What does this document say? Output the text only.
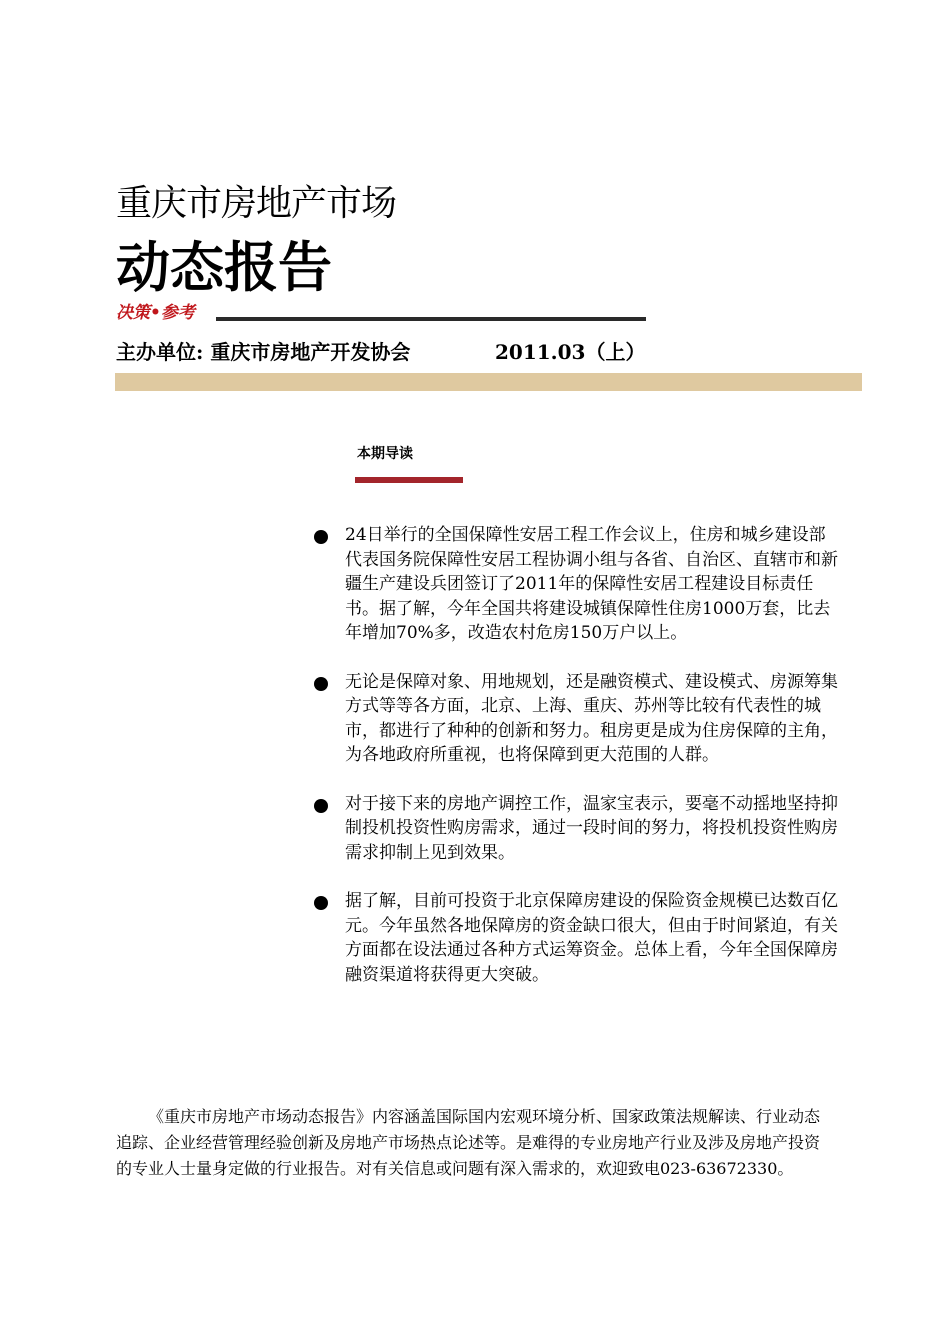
重庆市房地产市场
动态报告
决策•参考
主办单位: 重庆市房地产开发协会	2011.03（上）
本期导读
24日举行的全国保障性安居工程工作会议上，住房和城乡建设部代表国务院保障性安居工程协调小组与各省、自治区、直辖市和新疆生产建设兵团签订了2011年的保障性安居工程建设目标责任书。据了解，今年全国共将建设城镇保障性住房1000万套，比去年增加70%多，改造农村危房150万户以上。
无论是保障对象、用地规划，还是融资模式、建设模式、房源筹集方式等等各方面，北京、上海、重庆、苏州等比较有代表性的城市，都进行了种种的创新和努力。租房更是成为住房保障的主角，为各地政府所重视，也将保障到更大范围的人群。
对于接下来的房地产调控工作，温家宝表示，要毫不动摇地坚持抑制投机投资性购房需求，通过一段时间的努力，将投机投资性购房需求抑制上见到效果。
据了解，目前可投资于北京保障房建设的保险资金规模已达数百亿元。今年虽然各地保障房的资金缺口很大，但由于时间紧迫，有关方面都在设法通过各种方式运筹资金。总体上看，今年全国保障房融资渠道将获得更大突破。

《重庆市房地产市场动态报告》内容涵盖国际国内宏观环境分析、国家政策法规解读、行业动态追踪、企业经营管理经验创新及房地产市场热点论述等。是难得的专业房地产行业及涉及房地产投资的专业人士量身定做的行业报告。对有关信息或问题有深入需求的，欢迎致电023-63672330。
